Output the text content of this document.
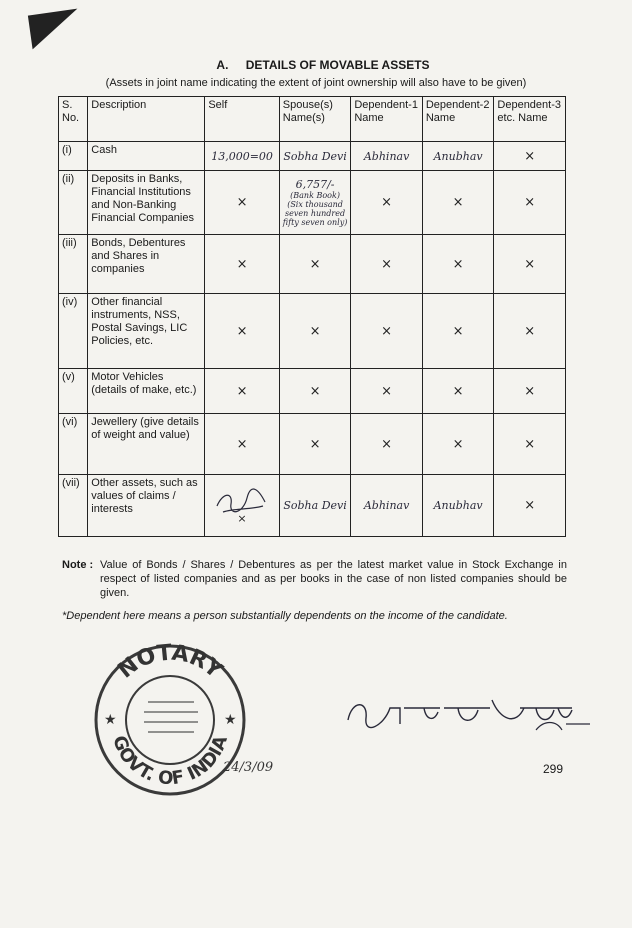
A. DETAILS OF MOVABLE ASSETS
(Assets in joint name indicating the extent of joint ownership will also have to be given)
S. No.	Description	Self	Spouse(s) Name(s)	Dependent-1 Name	Dependent-2 Name	Dependent-3 etc. Name
(i)	Cash	13,000=00	Sobha Devi	Abhinav	Anubhav	×
(ii)	Deposits in Banks, Financial Institutions and Non-Banking Financial Companies	×	6,757/-
(Bank Book) (Six thousand seven hundred fifty seven only)	×	×	×
(iii)	Bonds, Debentures and Shares in companies	×	×	×	×	×
(iv)	Other financial instruments, NSS, Postal Savings, LIC Policies, etc.	×	×	×	×	×
(v)	Motor Vehicles (details of make, etc.)	×	×	×	×	×
(vi)	Jewellery (give details of weight and value)	×	×	×	×	×
(vii)	Other assets, such as values of claims / interests	×	Sobha Devi	Abhinav	Anubhav	×
Note : Value of Bonds / Shares / Debentures as per the latest market value in Stock Exchange in respect of listed companies and as per books in the case of non listed companies should be given.
*Dependent here means a person substantially dependents on the income of the candidate.
NOTARY
GOVT. OF INDIA
★	★
24/3/09	299
